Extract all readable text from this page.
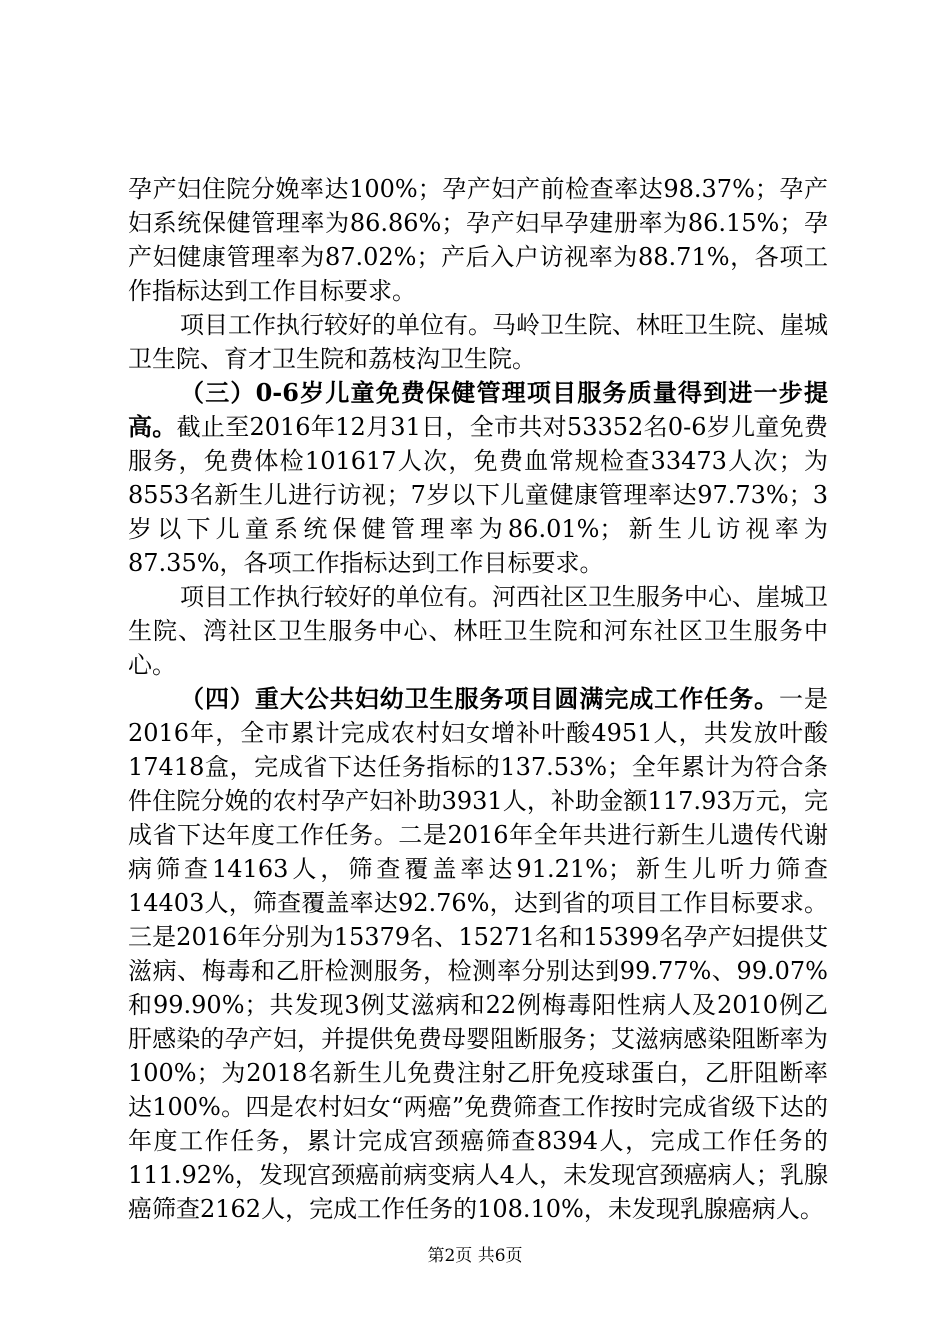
孕产妇住院分娩率达100%；孕产妇产前检查率达98.37%；孕产妇系统保健管理率为86.86%；孕产妇早孕建册率为86.15%；孕产妇健康管理率为87.02%；产后入户访视率为88.71%，各项工作指标达到工作目标要求。

项目工作执行较好的单位有。马岭卫生院、林旺卫生院、崖城卫生院、育才卫生院和荔枝沟卫生院。

（三）0-6岁儿童免费保健管理项目服务质量得到进一步提高。截止至2016年12月31日，全市共对53352名0-6岁儿童免费服务，免费体检101617人次，免费血常规检查33473人次；为8553名新生儿进行访视；7岁以下儿童健康管理率达97.73%；3岁以下儿童系统保健管理率为86.01%；新生儿访视率为87.35%，各项工作指标达到工作目标要求。

项目工作执行较好的单位有。河西社区卫生服务中心、崖城卫生院、湾社区卫生服务中心、林旺卫生院和河东社区卫生服务中心。

（四）重大公共妇幼卫生服务项目圆满完成工作任务。一是2016年，全市累计完成农村妇女增补叶酸4951人，共发放叶酸17418盒，完成省下达任务指标的137.53%；全年累计为符合条件住院分娩的农村孕产妇补助3931人，补助金额117.93万元，完成省下达年度工作任务。二是2016年全年共进行新生儿遗传代谢病筛查14163人，筛查覆盖率达91.21%；新生儿听力筛查14403人，筛查覆盖率达92.76%，达到省的项目工作目标要求。三是2016年分别为15379名、15271名和15399名孕产妇提供艾滋病、梅毒和乙肝检测服务，检测率分别达到99.77%、99.07%和99.90%；共发现3例艾滋病和22例梅毒阳性病人及2010例乙肝感染的孕产妇，并提供免费母婴阻断服务；艾滋病感染阻断率为100%；为2018名新生儿免费注射乙肝免疫球蛋白，乙肝阻断率达100%。四是农村妇女“两癌”免费筛查工作按时完成省级下达的年度工作任务，累计完成宫颈癌筛查8394人，完成工作任务的111.92%，发现宫颈癌前病变病人4人，未发现宫颈癌病人；乳腺癌筛查2162人，完成工作任务的108.10%，未发现乳腺癌病人。

第2页 共6页
